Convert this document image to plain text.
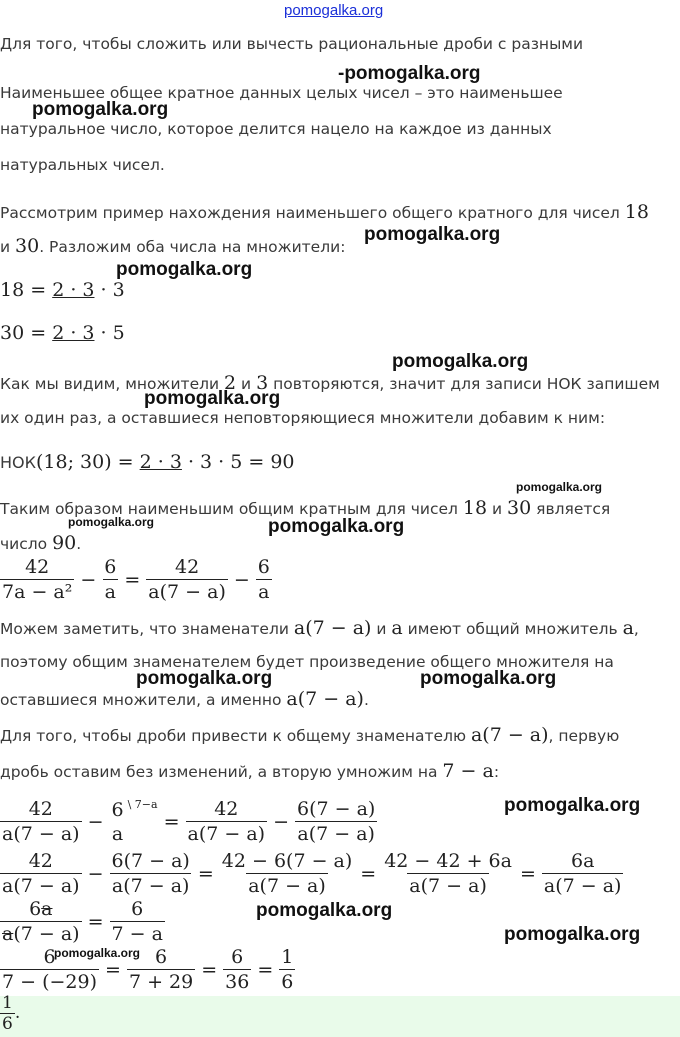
pomogalka.org
Для того, чтобы сложить или вычесть рациональные дроби с разными
-pomogalka.org
Наименьшее общее кратное данных целых чисел – это наименьшее
pomogalka.org
натуральное число, которое делится нацело на каждое из данных
натуральных чисел.
Рассмотрим пример нахождения наименьшего общего кратного для чисел 18
и 30. Разложим оба числа на множители:
pomogalka.org
18 = 2 · 3 · 3
pomogalka.org
30 = 2 · 3 · 5
pomogalka.org
Как мы видим, множители 2 и 3 повторяются, значит для записи НОК запишем
pomogalka.org
их один раз, а оставшиеся неповторяющиеся множители добавим к ним:
НОК(18; 30) = 2 · 3 · 3 · 5 = 90
pomogalka.org
Таким образом наименьшим общим кратным для чисел 18 и 30 является
pomogalka.org	pomogalka.org
число 90.
$\frac{42}{\text{7a − a²}} - \frac{6}{a} = \frac{42}{a(7 - a)} - \frac{6}{a}$
Можем заметить, что знаменатели a(7 − a) и a имеют общий множитель a,
поэтому общим знаменателем будет произведение общего множителя на
pomogalka.org	pomogalka.org
оставшиеся множители, а именно a(7 − a).
Для того, чтобы дроби привести к общему знаменателю a(7 − a), первую
дробь оставим без изменений, а вторую умножим на 7 − a:
$\frac{42}{a(7 - a)}$ −
6
a
$^{\backslash 7-a}= \frac{42}{a(7 - a)} - \frac{6(7 - a)}{a(7 - a)}$	pomogalka.org
$\frac{42}{a(7 - a)} - \frac{6(7 - a)}{a(7 - a)} = \frac{42 - 6(7 - a)}{a(7 - a)} = \frac{42 - 42 + 6a}{a(7 - a)} = \frac{6a}{a(7 - a)}$
$\frac{6a}{a(7 - a)} = \frac{6}{7 - a}$	pomogalka.org
pomogalka.org
$\frac{6}{7 - (-29)} = \frac{6}{7 + 29} = \frac{6}{36} = \frac{1}{6}$
pomogalka.org
$\frac{1}{6}$ .
